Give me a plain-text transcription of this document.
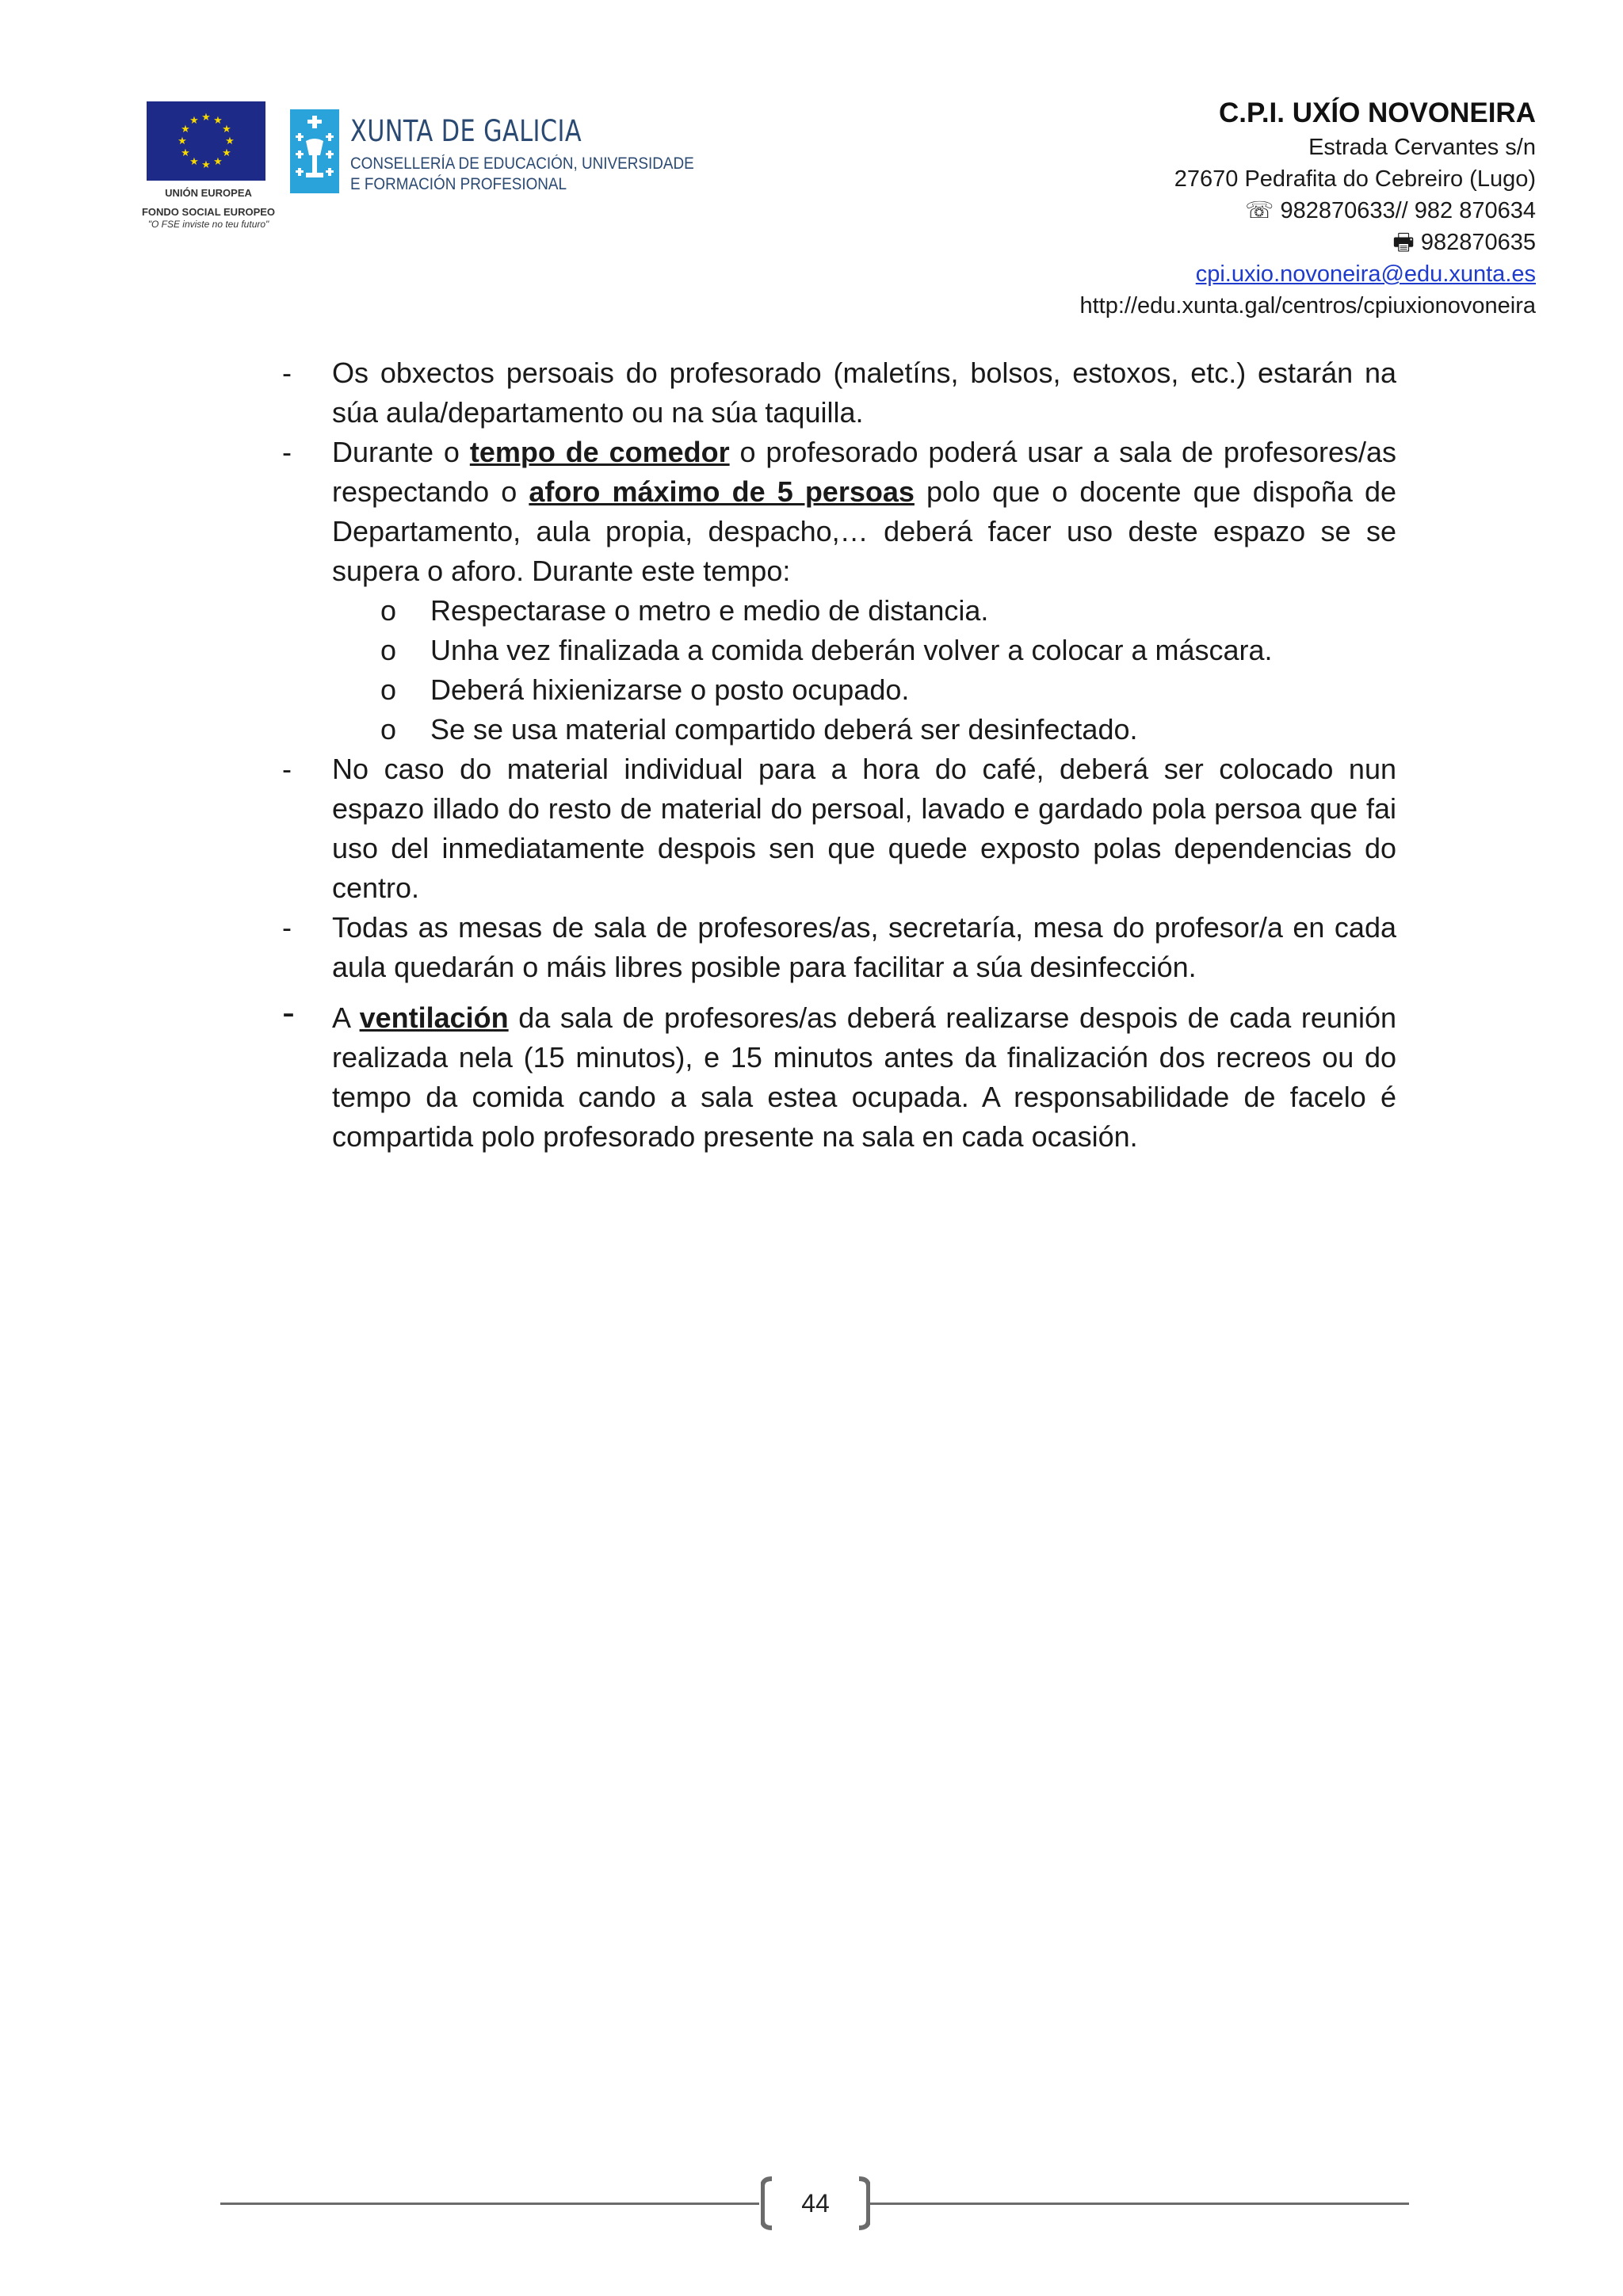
★ ★
★
★
★
★
★
★
★
★
★
★
UNIÓN EUROPEA
FONDO SOCIAL EUROPEO
"O FSE inviste no teu futuro"
XUNTA DE GALICIA
CONSELLERÍA DE EDUCACIÓN, UNIVERSIDADE
E FORMACIÓN PROFESIONAL
C.P.I. UXÍO NOVONEIRA
Estrada Cervantes s/n
27670 Pedrafita do Cebreiro (Lugo)
☏ 982870633// 982 870634
🖶 982870635
cpi.uxio.novoneira@edu.xunta.es
http://edu.xunta.gal/centros/cpiuxionovoneira
- Os obxectos persoais do profesorado (maletíns, bolsos, estoxos, etc.) estarán na súa aula/departamento ou na súa taquilla.
- Durante o tempo de comedor o profesorado poderá usar a sala de profesores/as respectando o aforo máximo de 5 persoas polo que o docente que dispoña de Departamento, aula propia, despacho,… deberá facer uso deste espazo se se supera o aforo. Durante este tempo:
o Respectarase o metro e medio de distancia.
o Unha vez finalizada a comida deberán volver a colocar a máscara.
o Deberá hixienizarse o posto ocupado.
o Se se usa material compartido deberá ser desinfectado.
- No caso do material individual para a hora do café, deberá ser colocado nun espazo illado do resto de material do persoal, lavado e gardado pola persoa que fai uso del inmediatamente despois sen que quede exposto polas dependencias do centro.
- Todas as mesas de sala de profesores/as, secretaría, mesa do profesor/a en cada aula quedarán o máis libres posible para facilitar a súa desinfección.
- A ventilación da sala de profesores/as deberá realizarse despois de cada reunión realizada nela (15 minutos), e 15 minutos antes da finalización dos recreos ou do tempo da comida cando a sala estea ocupada. A responsabilidade de facelo é compartida polo profesorado presente na sala en cada ocasión.
44
